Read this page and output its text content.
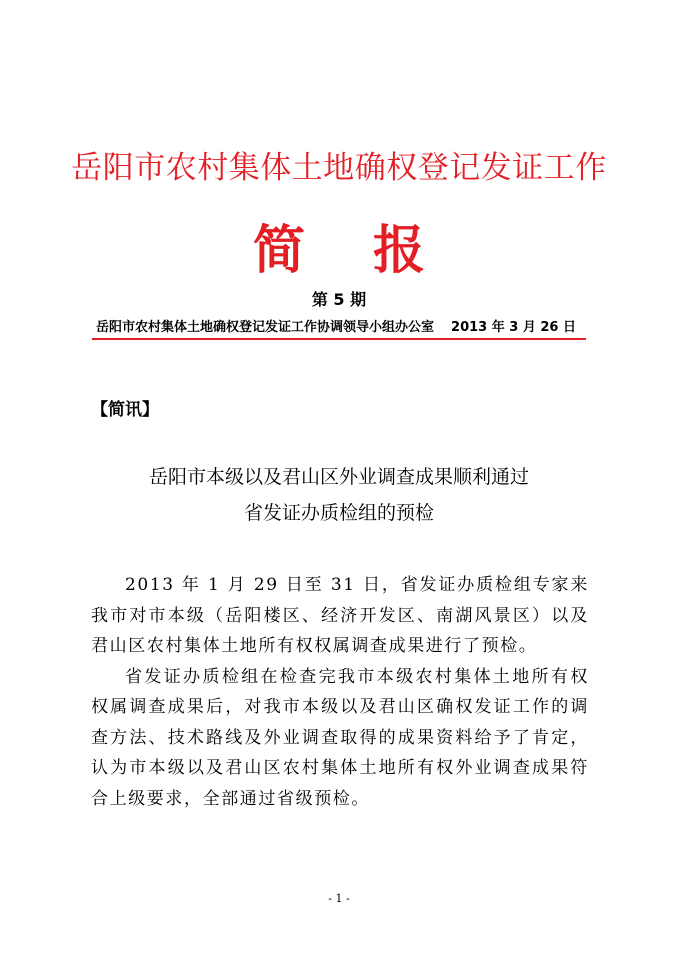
岳阳市农村集体土地确权登记发证工作
简 报
第 5 期
岳阳市农村集体土地确权登记发证工作协调领导小组办公室 2013 年 3 月 26 日
【简讯】
岳阳市本级以及君山区外业调查成果顺利通过
省发证办质检组的预检

2013 年 1 月 29 日至 31 日，省发证办质检组专家来我市对市本级（岳阳楼区、经济开发区、南湖风景区）以及君山区农村集体土地所有权权属调查成果进行了预检。

省发证办质检组在检查完我市本级农村集体土地所有权权属调查成果后，对我市本级以及君山区确权发证工作的调查方法、技术路线及外业调查取得的成果资料给予了肯定，认为市本级以及君山区农村集体土地所有权外业调查成果符合上级要求，全部通过省级预检。

- 1 -
